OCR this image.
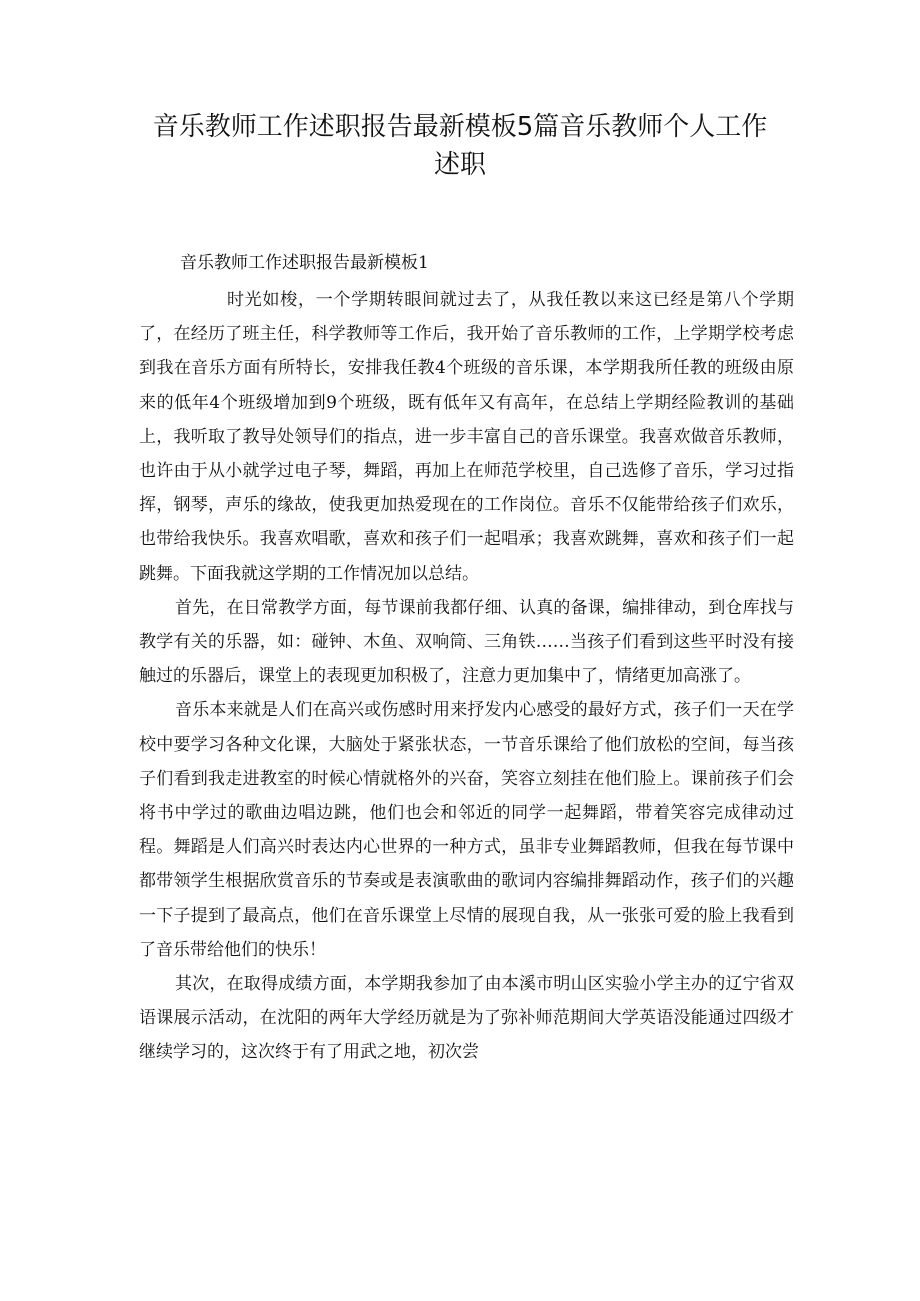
音乐教师工作述职报告最新模板5篇音乐教师个人工作述职
音乐教师工作述职报告最新模板1

时光如梭，一个学期转眼间就过去了，从我任教以来这已经是第八个学期了，在经历了班主任，科学教师等工作后，我开始了音乐教师的工作，上学期学校考虑到我在音乐方面有所特长，安排我任教4个班级的音乐课，本学期我所任教的班级由原来的低年4个班级增加到9个班级，既有低年又有高年，在总结上学期经险教训的基础上，我听取了教导处领导们的指点，进一步丰富自己的音乐课堂。我喜欢做音乐教师，也许由于从小就学过电子琴，舞蹈，再加上在师范学校里，自己选修了音乐，学习过指挥，钢琴，声乐的缘故，使我更加热爱现在的工作岗位。音乐不仅能带给孩子们欢乐，也带给我快乐。我喜欢唱歌，喜欢和孩子们一起唱承；我喜欢跳舞，喜欢和孩子们一起跳舞。下面我就这学期的工作情况加以总结。

首先，在日常教学方面，每节课前我都仔细、认真的备课，编排律动，到仓库找与教学有关的乐器，如：碰钟、木鱼、双响筒、三角铁……当孩子们看到这些平时没有接触过的乐器后，课堂上的表现更加积极了，注意力更加集中了，情绪更加高涨了。

音乐本来就是人们在高兴或伤感时用来抒发内心感受的最好方式，孩子们一天在学校中要学习各种文化课，大脑处于紧张状态，一节音乐课给了他们放松的空间，每当孩子们看到我走进教室的时候心情就格外的兴奋，笑容立刻挂在他们脸上。课前孩子们会将书中学过的歌曲边唱边跳，他们也会和邻近的同学一起舞蹈，带着笑容完成律动过程。舞蹈是人们高兴时表达内心世界的一种方式，虽非专业舞蹈教师，但我在每节课中都带领学生根据欣赏音乐的节奏或是表演歌曲的歌词内容编排舞蹈动作，孩子们的兴趣一下子提到了最高点，他们在音乐课堂上尽情的展现自我，从一张张可爱的脸上我看到了音乐带给他们的快乐！

其次，在取得成绩方面，本学期我参加了由本溪市明山区实验小学主办的辽宁省双语课展示活动，在沈阳的两年大学经历就是为了弥补师范期间大学英语没能通过四级才继续学习的，这次终于有了用武之地，初次尝
